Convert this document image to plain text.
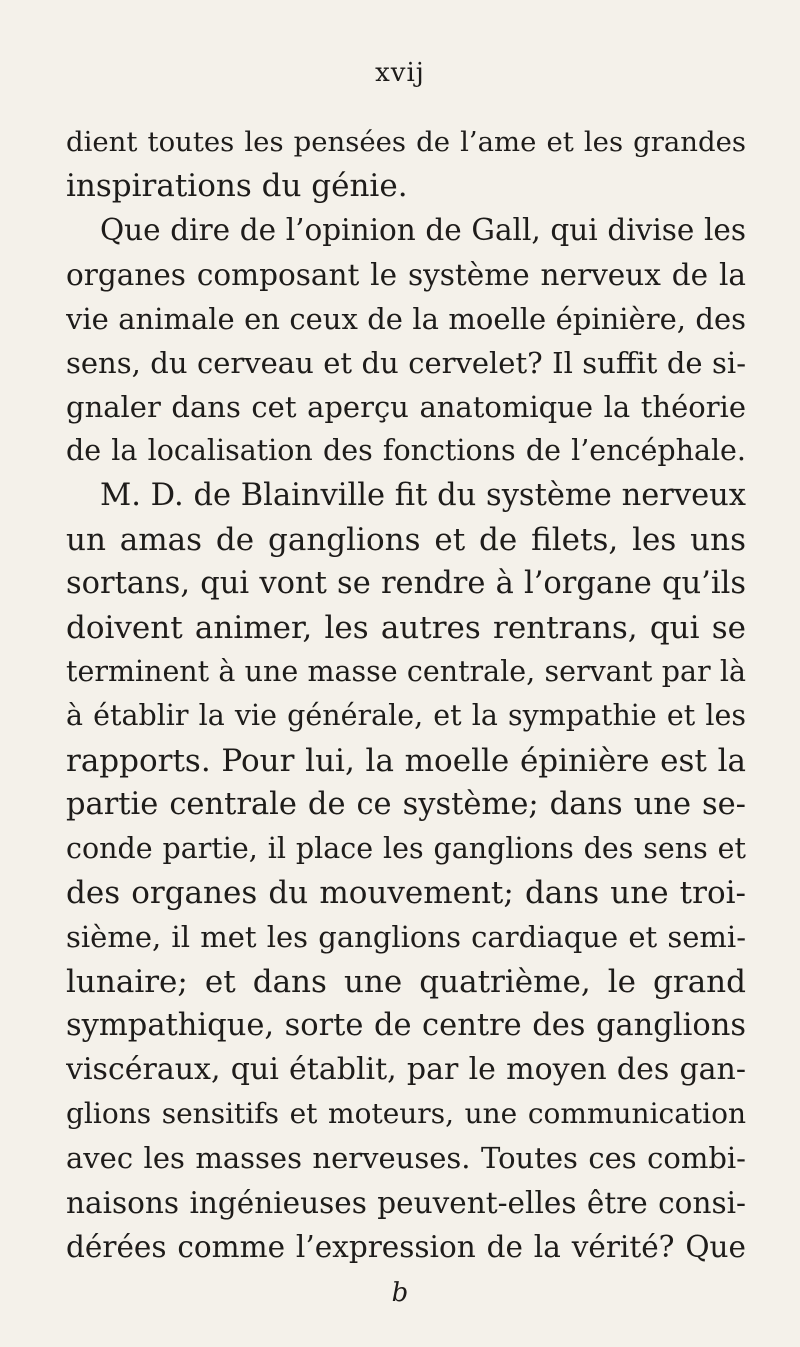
xvij
dient toutes les pensées de l’ame et les grandes
inspirations du génie.
Que dire de l’opinion de Gall, qui divise les
organes composant le système nerveux de la
vie animale en ceux de la moelle épinière, des
sens, du cerveau et du cervelet? Il suffit de si-
gnaler dans cet aperçu anatomique la théorie
de la localisation des fonctions de l’encéphale.
M. D. de Blainville fit du système nerveux
un amas de ganglions et de filets, les uns
sortans, qui vont se rendre à l’organe qu’ils
doivent animer, les autres rentrans, qui se
terminent à une masse centrale, servant par là
à établir la vie générale, et la sympathie et les
rapports. Pour lui, la moelle épinière est la
partie centrale de ce système; dans une se-
conde partie, il place les ganglions des sens et
des organes du mouvement; dans une troi-
sième, il met les ganglions cardiaque et semi-
lunaire; et dans une quatrième, le grand
sympathique, sorte de centre des ganglions
viscéraux, qui établit, par le moyen des gan-
glions sensitifs et moteurs, une communication
avec les masses nerveuses. Toutes ces combi-
naisons ingénieuses peuvent-elles être consi-
dérées comme l’expression de la vérité? Que
b
